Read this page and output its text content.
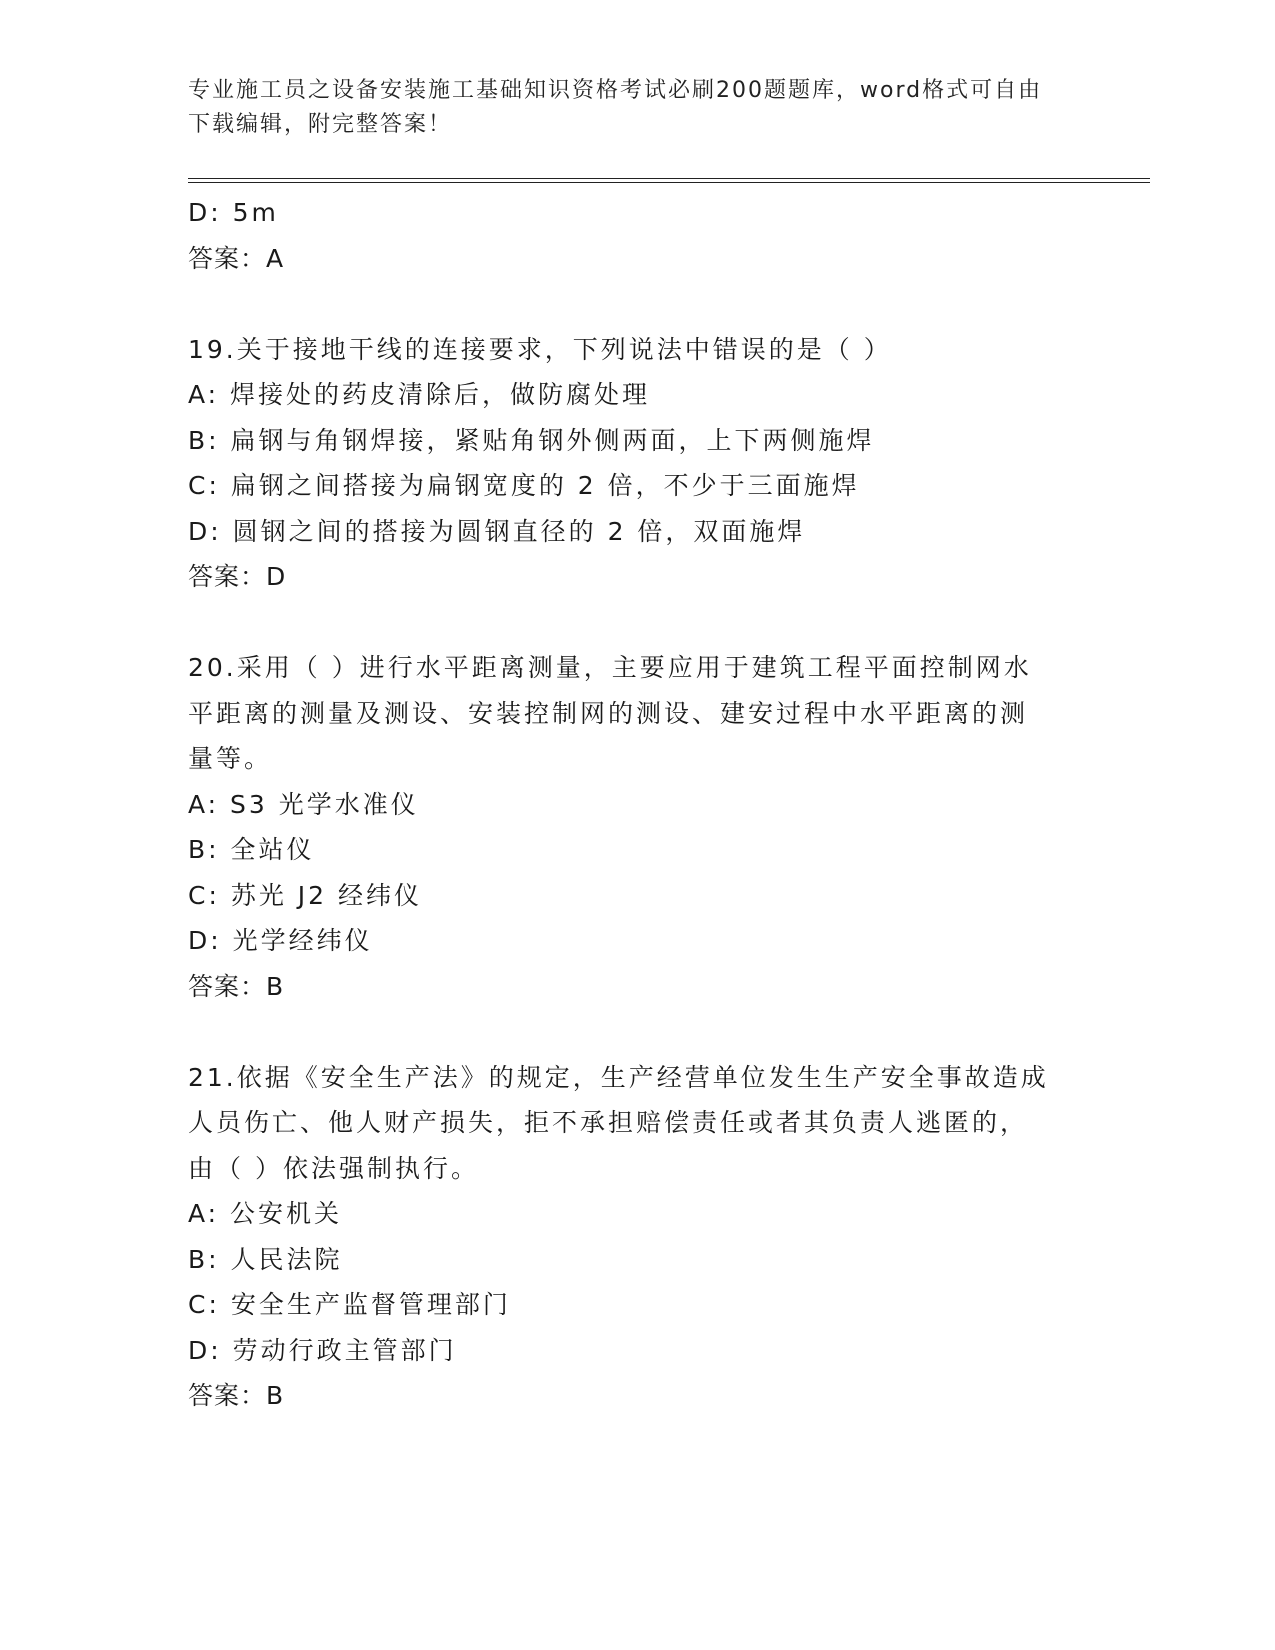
专业施工员之设备安装施工基础知识资格考试必刷200题题库，word格式可自由
下载编辑，附完整答案！
D: 5m
答案：A
19.关于接地干线的连接要求，下列说法中错误的是（ ）
A: 焊接处的药皮清除后，做防腐处理
B: 扁钢与角钢焊接，紧贴角钢外侧两面，上下两侧施焊
C: 扁钢之间搭接为扁钢宽度的 2 倍，不少于三面施焊
D: 圆钢之间的搭接为圆钢直径的 2 倍，双面施焊
答案：D
20.采用（ ）进行水平距离测量，主要应用于建筑工程平面控制网水
平距离的测量及测设、安装控制网的测设、建安过程中水平距离的测
量等。
A: S3 光学水准仪
B: 全站仪
C: 苏光 J2 经纬仪
D: 光学经纬仪
答案：B
21.依据《安全生产法》的规定，生产经营单位发生生产安全事故造成
人员伤亡、他人财产损失，拒不承担赔偿责任或者其负责人逃匿的，
由（ ）依法强制执行。
A: 公安机关
B: 人民法院
C: 安全生产监督管理部门
D: 劳动行政主管部门
答案：B
